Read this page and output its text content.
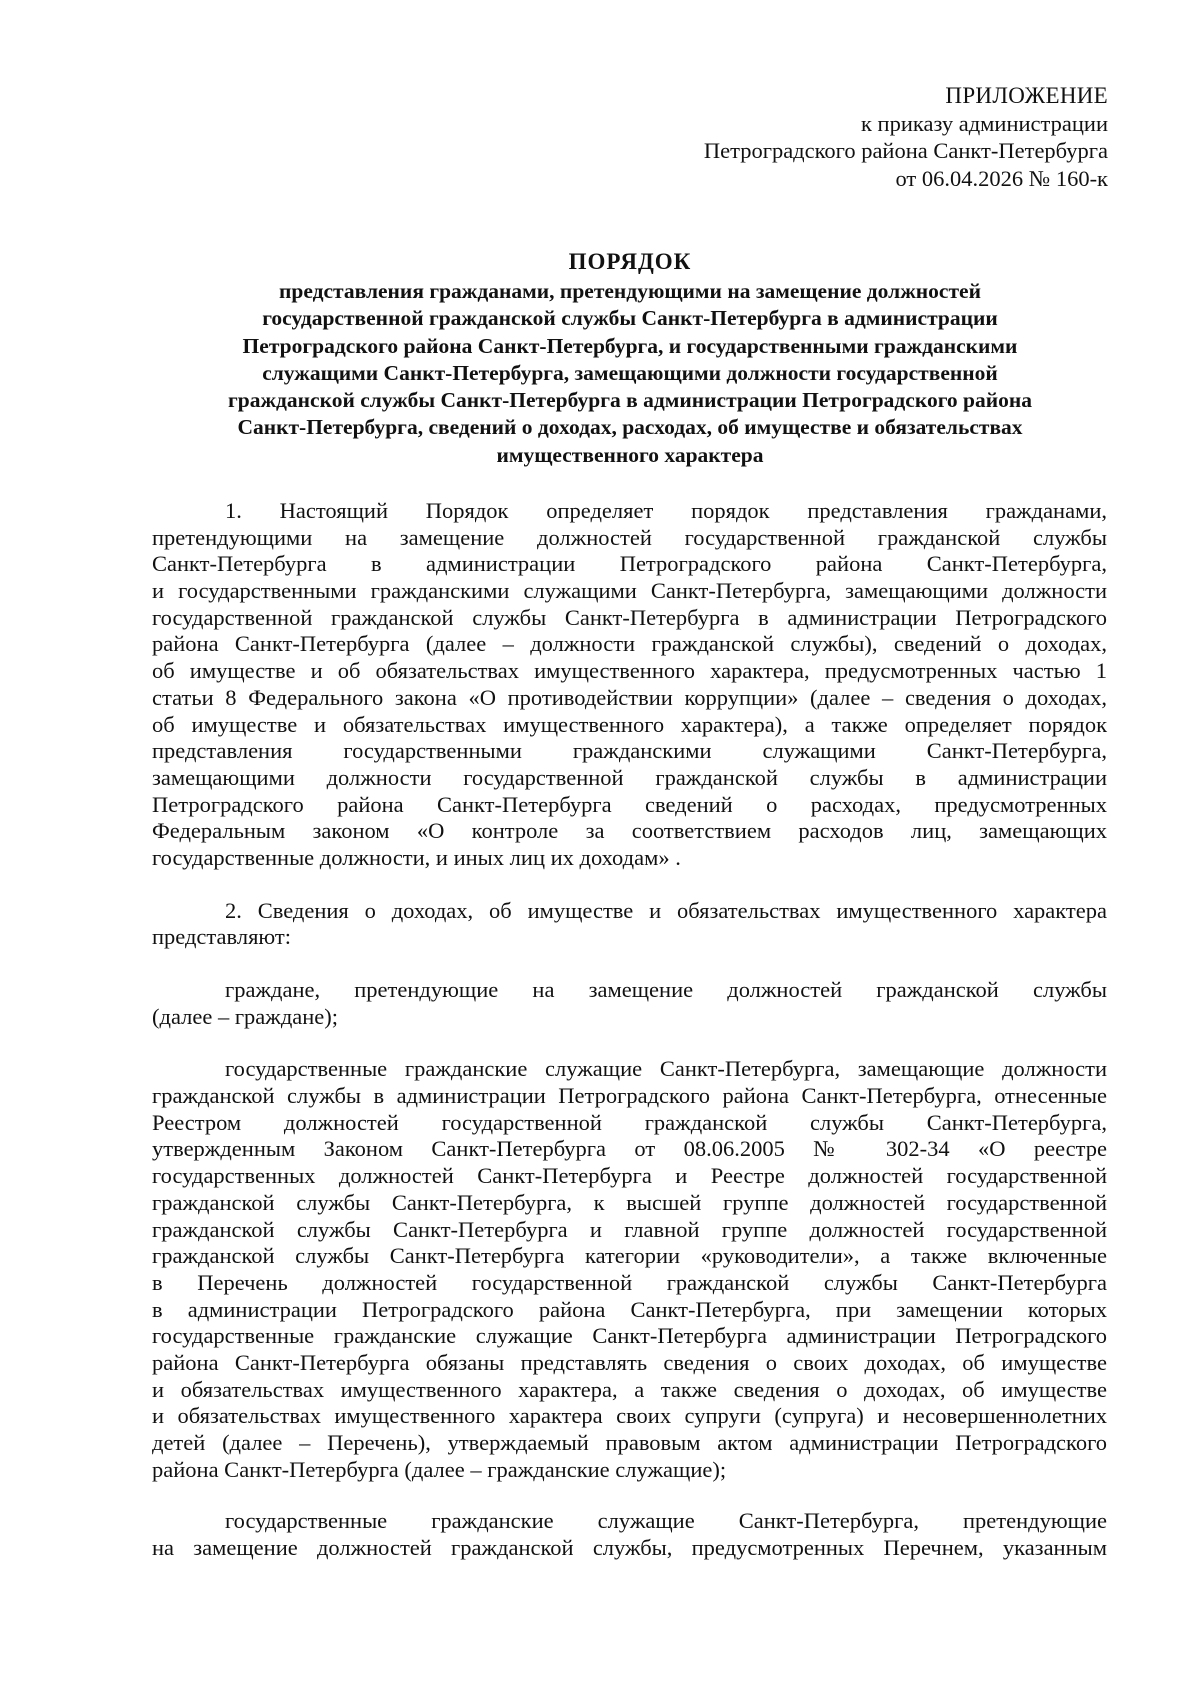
ПРИЛОЖЕНИЕ
к приказу администрации
Петроградского района Санкт-Петербурга
от 06.04.2026 № 160-к
ПОРЯДОК
представления гражданами, претендующими на замещение должностей
государственной гражданской службы Санкт-Петербурга в администрации
Петроградского района Санкт-Петербурга, и государственными гражданскими
служащими Санкт-Петербурга, замещающими должности государственной
гражданской службы Санкт-Петербурга в администрации Петроградского района
Санкт-Петербурга, сведений о доходах, расходах, об имуществе и обязательствах
имущественного характера
1. Настоящий Порядок определяет порядок представления гражданами,
претендующими на замещение должностей государственной гражданской службы
Санкт-Петербурга в администрации Петроградского района Санкт-Петербурга,
и государственными гражданскими служащими Санкт-Петербурга, замещающими должности
государственной гражданской службы Санкт-Петербурга в администрации Петроградского
района Санкт-Петербурга (далее – должности гражданской службы), сведений о доходах,
об имуществе и об обязательствах имущественного характера, предусмотренных частью 1
статьи 8 Федерального закона «О противодействии коррупции» (далее – сведения о доходах,
об имуществе и обязательствах имущественного характера), а также определяет порядок
представления государственными гражданскими служащими Санкт-Петербурга,
замещающими должности государственной гражданской службы в администрации
Петроградского района Санкт-Петербурга сведений о расходах, предусмотренных
Федеральным законом «О контроле за соответствием расходов лиц, замещающих
государственные должности, и иных лиц их доходам» .
2. Сведения о доходах, об имуществе и обязательствах имущественного характера
представляют:
граждане, претендующие на замещение должностей гражданской службы
(далее – граждане);
государственные гражданские служащие Санкт-Петербурга, замещающие должности
гражданской службы в администрации Петроградского района Санкт-Петербурга, отнесенные
Реестром должностей государственной гражданской службы Санкт-Петербурга,
утвержденным Законом Санкт-Петербурга от 08.06.2005 № 302-34 «О реестре
государственных должностей Санкт-Петербурга и Реестре должностей государственной
гражданской службы Санкт-Петербурга, к высшей группе должностей государственной
гражданской службы Санкт-Петербурга и главной группе должностей государственной
гражданской службы Санкт-Петербурга категории «руководители», а также включенные
в Перечень должностей государственной гражданской службы Санкт-Петербурга
в администрации Петроградского района Санкт-Петербурга, при замещении которых
государственные гражданские служащие Санкт-Петербурга администрации Петроградского
района Санкт-Петербурга обязаны представлять сведения о своих доходах, об имуществе
и обязательствах имущественного характера, а также сведения о доходах, об имуществе
и обязательствах имущественного характера своих супруги (супруга) и несовершеннолетних
детей (далее – Перечень), утверждаемый правовым актом администрации Петроградского
района Санкт-Петербурга (далее – гражданские служащие);
государственные гражданские служащие Санкт-Петербурга, претендующие
на замещение должностей гражданской службы, предусмотренных Перечнем, указанным
